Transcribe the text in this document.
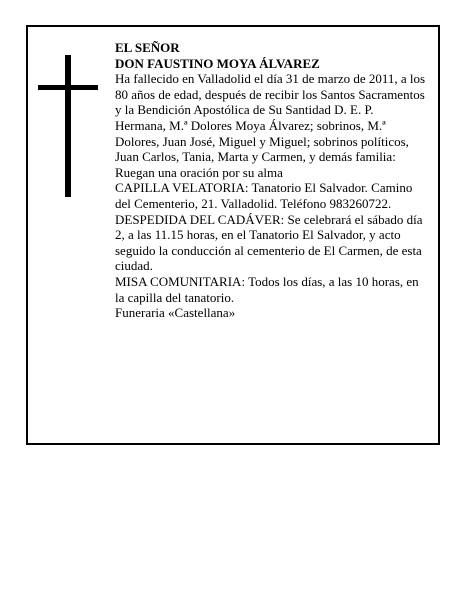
EL SEÑOR

DON FAUSTINO MOYA ÁLVAREZ

Ha fallecido en Valladolid el día 31 de marzo de 2011, a los 80 años de edad, después de recibir los Santos Sacramentos y la Bendición Apostólica de Su Santidad D. E. P.

Hermana, M.ª Dolores Moya Álvarez; sobrinos, M.ª Dolores, Juan José, Miguel y Miguel; sobrinos políticos, Juan Carlos, Tania, Marta y Carmen, y demás familia:

Ruegan una oración por su alma

CAPILLA VELATORIA: Tanatorio El Salvador. Camino del Cementerio, 21. Valladolid. Teléfono 983260722.

DESPEDIDA DEL CADÁVER: Se celebrará el sábado día 2, a las 11.15 horas, en el Tanatorio El Salvador, y acto seguido la conducción al cementerio de El Carmen, de esta ciudad.

MISA COMUNITARIA: Todos los días, a las 10 horas, en la capilla del tanatorio.

Funeraria «Castellana»
